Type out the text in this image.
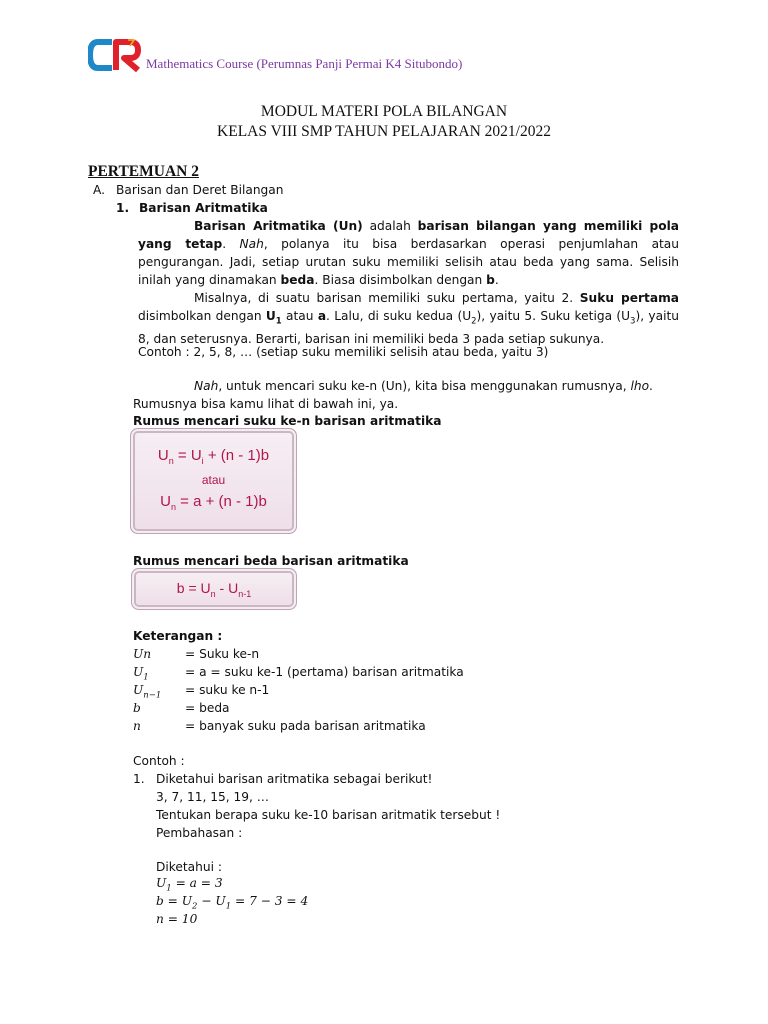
Mathematics Course (Perumnas Panji Permai K4 Situbondo)
MODUL MATERI POLA BILANGAN
KELAS VIII SMP TAHUN PELAJARAN 2021/2022
PERTEMUAN 2
A. Barisan dan Deret Bilangan
1. Barisan Aritmatika
Barisan Aritmatika (Un) adalah barisan bilangan yang memiliki pola yang tetap. Nah, polanya itu bisa berdasarkan operasi penjumlahan atau pengurangan. Jadi, setiap urutan suku memiliki selisih atau beda yang sama. Selisih inilah yang dinamakan beda. Biasa disimbolkan dengan b.
Misalnya, di suatu barisan memiliki suku pertama, yaitu 2. Suku pertama disimbolkan dengan $U_1$ atau a. Lalu, di suku kedua $(U_2)$, yaitu 5. Suku ketiga $(U_3)$, yaitu 8, dan seterusnya. Berarti, barisan ini memiliki beda 3 pada setiap sukunya.
Contoh : 2, 5, 8, … (setiap suku memiliki selisih atau beda, yaitu 3)
Nah, untuk mencari suku ke-n (Un), kita bisa menggunakan rumusnya, lho. Rumusnya bisa kamu lihat di bawah ini, ya.
Rumus mencari suku ke-n barisan aritmatika
$U_n = U_i + (n - 1)b$
atau
$U_n = a + (n - 1)b$
Rumus mencari beda barisan aritmatika
$b = U_n - U_{n-1}$
Keterangan :
Un	= Suku ke-n
$U_1$	= a = suku ke-1 (pertama) barisan aritmatika
$U_{n-1}$	= suku ke n-1
b	= beda
n	= banyak suku pada barisan aritmatika
Contoh :
1. Diketahui barisan aritmatika sebagai berikut!
3, 7, 11, 15, 19, …
Tentukan berapa suku ke-10 barisan aritmatik tersebut !
Pembahasan :
Diketahui :
$U_1 = a = 3$
$b = U_2 - U_1 = 7 - 3 = 4$
n = 10
